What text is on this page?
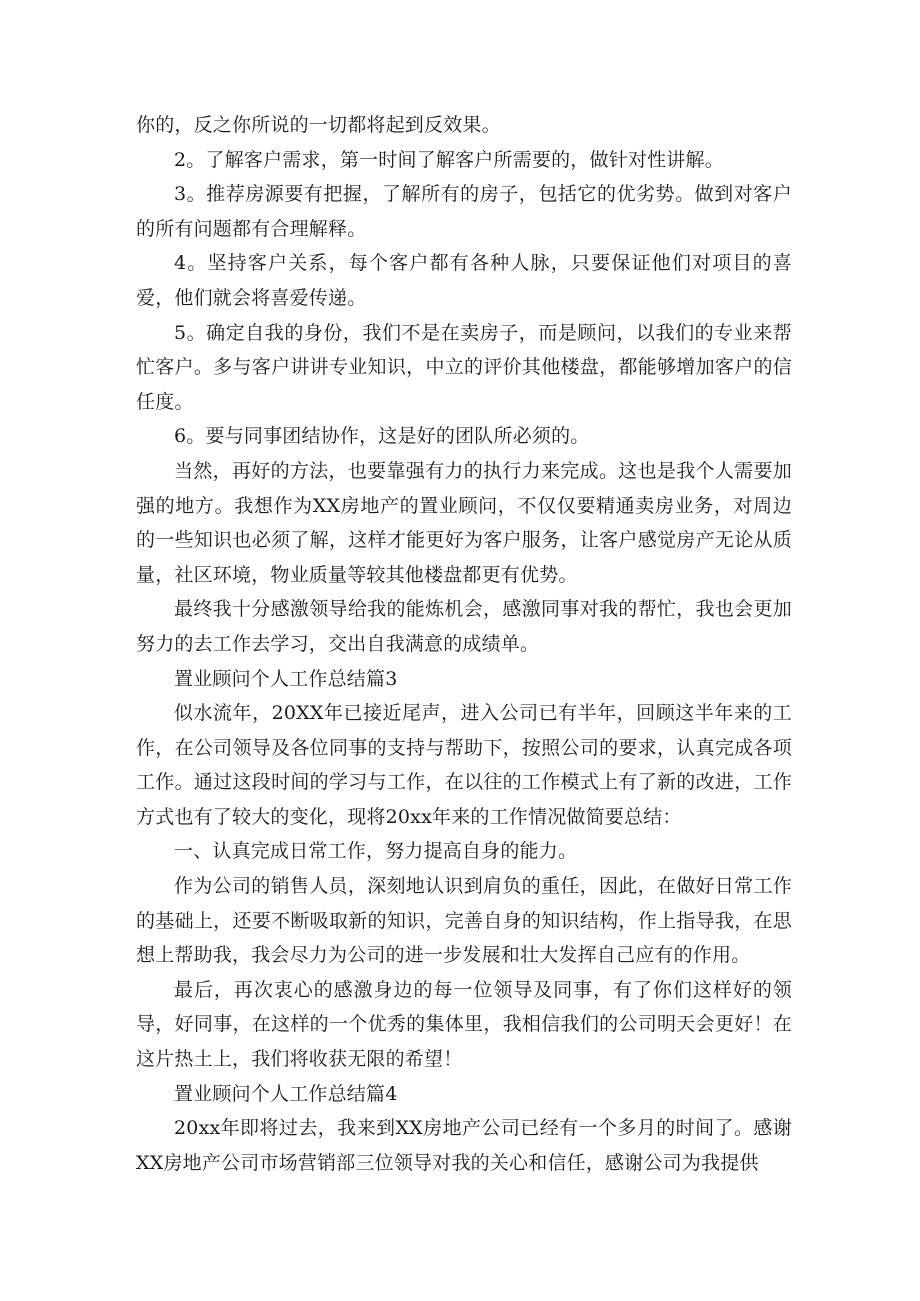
你的，反之你所说的一切都将起到反效果。

2。了解客户需求，第一时间了解客户所需要的，做针对性讲解。

3。推荐房源要有把握，了解所有的房子，包括它的优劣势。做到对客户的所有问题都有合理解释。

4。坚持客户关系，每个客户都有各种人脉，只要保证他们对项目的喜爱，他们就会将喜爱传递。

5。确定自我的身份，我们不是在卖房子，而是顾问，以我们的专业来帮忙客户。多与客户讲讲专业知识，中立的评价其他楼盘，都能够增加客户的信任度。

6。要与同事团结协作，这是好的团队所必须的。

当然，再好的方法，也要靠强有力的执行力来完成。这也是我个人需要加强的地方。我想作为XX房地产的置业顾问，不仅仅要精通卖房业务，对周边的一些知识也必须了解，这样才能更好为客户服务，让客户感觉房产无论从质量，社区环境，物业质量等较其他楼盘都更有优势。

最终我十分感激领导给我的能炼机会，感激同事对我的帮忙，我也会更加努力的去工作去学习，交出自我满意的成绩单。

置业顾问个人工作总结篇3

似水流年，20XX年已接近尾声，进入公司已有半年，回顾这半年来的工作，在公司领导及各位同事的支持与帮助下，按照公司的要求，认真完成各项工作。通过这段时间的学习与工作，在以往的工作模式上有了新的改进，工作方式也有了较大的变化，现将20xx年来的工作情况做简要总结：

一、认真完成日常工作，努力提高自身的能力。

作为公司的销售人员，深刻地认识到肩负的重任，因此，在做好日常工作的基础上，还要不断吸取新的知识，完善自身的知识结构，作上指导我，在思想上帮助我，我会尽力为公司的进一步发展和壮大发挥自己应有的作用。

最后，再次衷心的感激身边的每一位领导及同事，有了你们这样好的领导，好同事，在这样的一个优秀的集体里，我相信我们的公司明天会更好！在这片热土上，我们将收获无限的希望！

置业顾问个人工作总结篇4

20xx年即将过去，我来到XX房地产公司已经有一个多月的时间了。感谢XX房地产公司市场营销部三位领导对我的关心和信任，感谢公司为我提供
